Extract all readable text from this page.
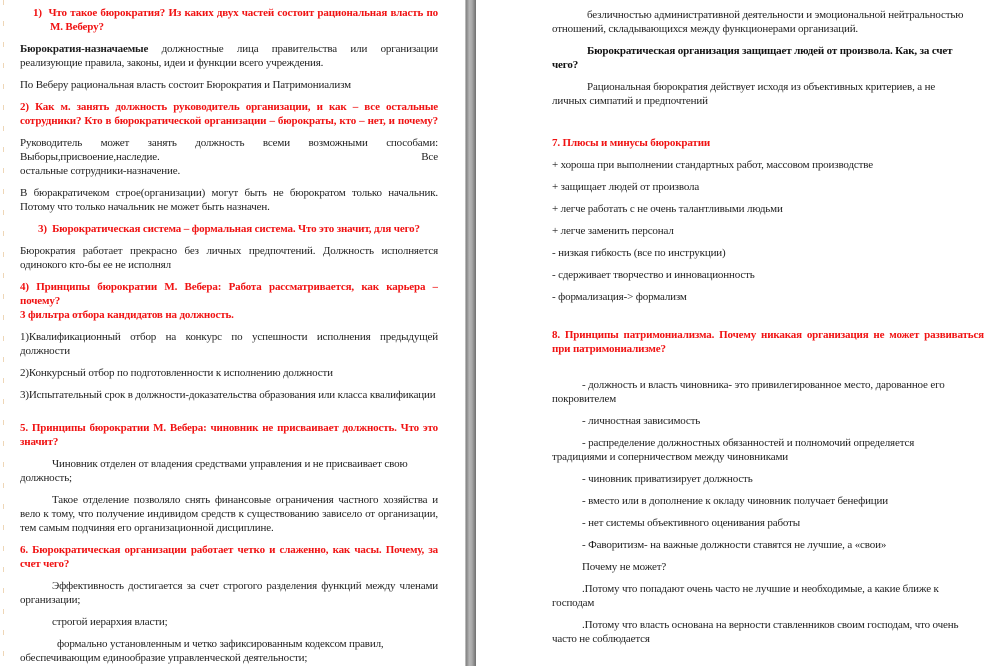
1)  Что такое бюрократия? Из каких двух частей состоит рациональная власть по
М. Веберу?
Бюрократия-назначаемые должностные лица правительства или организации
реализующие правила, законы, идеи и функции всего учреждения.
По Веберу рациональная власть состоит Бюрократия и Патримониализм
2) Как м. занять должность руководитель организации, и как – все остальные
сотрудники? Кто в бюрократической организации – бюрократы, кто – нет, и почему?
Руководитель может занять должность всеми возможными способами:
Выборы,присвоение,наследие. Все
остальные сотрудники-назначение.
В бюракратичеком строе(организации) могут быть не бюрократом только начальник.
Потому что только начальник не может быть назначен.
3)  Бюрократическая система – формальная система. Что это значит, для чего?
Бюрократия работает прекрасно без личных предпочтений. Должность исполняется
одинокого кто-бы ее не исполнял
4) Принципы бюрократии М. Вебера: Работа рассматривается, как карьера – почему?
3 фильтра отбора кандидатов на должность.
1)Квалификационный отбор на конкурс по успешности исполнения предыдущей
должности
2)Конкурсный отбор по подготовленности к исполнению должности
3)Испытательный срок в должности-доказательства образования или класса квалификации
5. Принципы бюрократии М. Вебера: чиновник не присваивает должность. Что это
значит?
Чиновник отделен от владения средствами управления и не присваивает свою
должность;
Такое отделение позволяло снять финансовые ограничения частного хозяйства и
вело к тому, что получение индивидом средств к существованию зависело от организации,
тем самым подчиняя его организационной дисциплине.
6. Бюрократическая организации работает четко и слаженно, как часы. Почему, за
счет чего?
Эффективность достигается за счет строгого разделения функций между членами
организации;
строгой иерархия власти;
формально установленным и четко зафиксированным кодексом правил,
обеспечивающим единообразие управленческой деятельности;
безличностью административной деятельности и эмоциональной нейтральностью
отношений, складывающихся между функционерами организаций.
Бюрократическая организация защищает людей от произвола. Как, за счет
чего?
Рациональная бюрократия действует исходя из объективных критериев, а не
личных симпатий и предпочтений
7. Плюсы и минусы бюрократии
+ хороша при выполнении стандартных работ, массовом производстве
+ защищает людей от произвола
+ легче работать с не очень талантливыми людьми
+ легче заменить персонал
- низкая гибкость (все по инструкции)
- сдерживает творчество и инновационность
- формализация-> формализм
8. Принципы патримониализма. Почему никакая организация не может развиваться
при патримониализме?
- должность и власть чиновника- это привилегированное место, дарованное его
покровителем
- личностная зависимость
- распределение должностных обязанностей и полномочий определяется
традициями и соперничеством между чиновниками
- чиновник приватизирует должность
- вместо или в дополнение к окладу чиновник получает бенефиции
- нет системы объективного оценивания работы
- Фаворитизм- на важные должности ставятся не лучшие, а «свои»
Почему не может?
.Потому что попадают очень часто не лучшие и необходимые, а какие ближе к
господам
.Потому что власть основана на верности ставленников своим господам, что очень
часто не соблюдается
